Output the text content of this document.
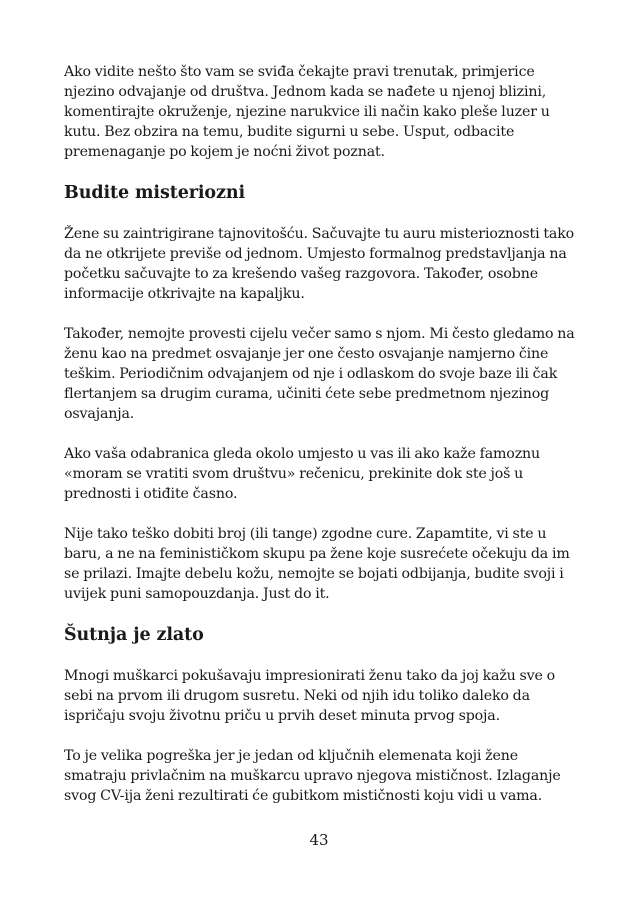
Ako vidite nešto što vam se sviđa čekajte pravi trenutak, primjerice njezino odvajanje od društva. Jednom kada se nađete u njenoj blizini, komentirajte okruženje, njezine narukvice ili način kako pleše luzer u kutu. Bez obzira na temu, budite sigurni u sebe. Usput, odbacite premenaganje po kojem je noćni život poznat.

Budite misteriozni

Žene su zaintrigirane tajnovitošću. Sačuvajte tu auru misterioznosti tako da ne otkrijete previše od jednom. Umjesto formalnog predstavljanja na početku sačuvajte to za krešendo vašeg razgovora. Također, osobne informacije otkrivajte na kapaljku.

Također, nemojte provesti cijelu večer samo s njom. Mi često gledamo na ženu kao na predmet osvajanje jer one često osvajanje namjerno čine teškim. Periodičnim odvajanjem od nje i odlaskom do svoje baze ili čak flertanjem sa drugim curama, učiniti ćete sebe predmetnom njezinog osvajanja.

Ako vaša odabranica gleda okolo umjesto u vas ili ako kaže famoznu «moram se vratiti svom društvu» rečenicu, prekinite dok ste još u prednosti i otiđite časno.

Nije tako teško dobiti broj (ili tange) zgodne cure. Zapamtite, vi ste u baru, a ne na feminističkom skupu pa žene koje susrećete očekuju da im se prilazi. Imajte debelu kožu, nemojte se bojati odbijanja, budite svoji i uvijek puni samopouzdanja. Just do it.

Šutnja je zlato

Mnogi muškarci pokušavaju impresionirati ženu tako da joj kažu sve o sebi na prvom ili drugom susretu. Neki od njih idu toliko daleko da ispričaju svoju životnu priču u prvih deset minuta prvog spoja.

To je velika pogreška jer je jedan od ključnih elemenata koji žene smatraju privlačnim na muškarcu upravo njegova mističnost. Izlaganje svog CV-ija ženi rezultirati će gubitkom mističnosti koju vidi u vama.

43
